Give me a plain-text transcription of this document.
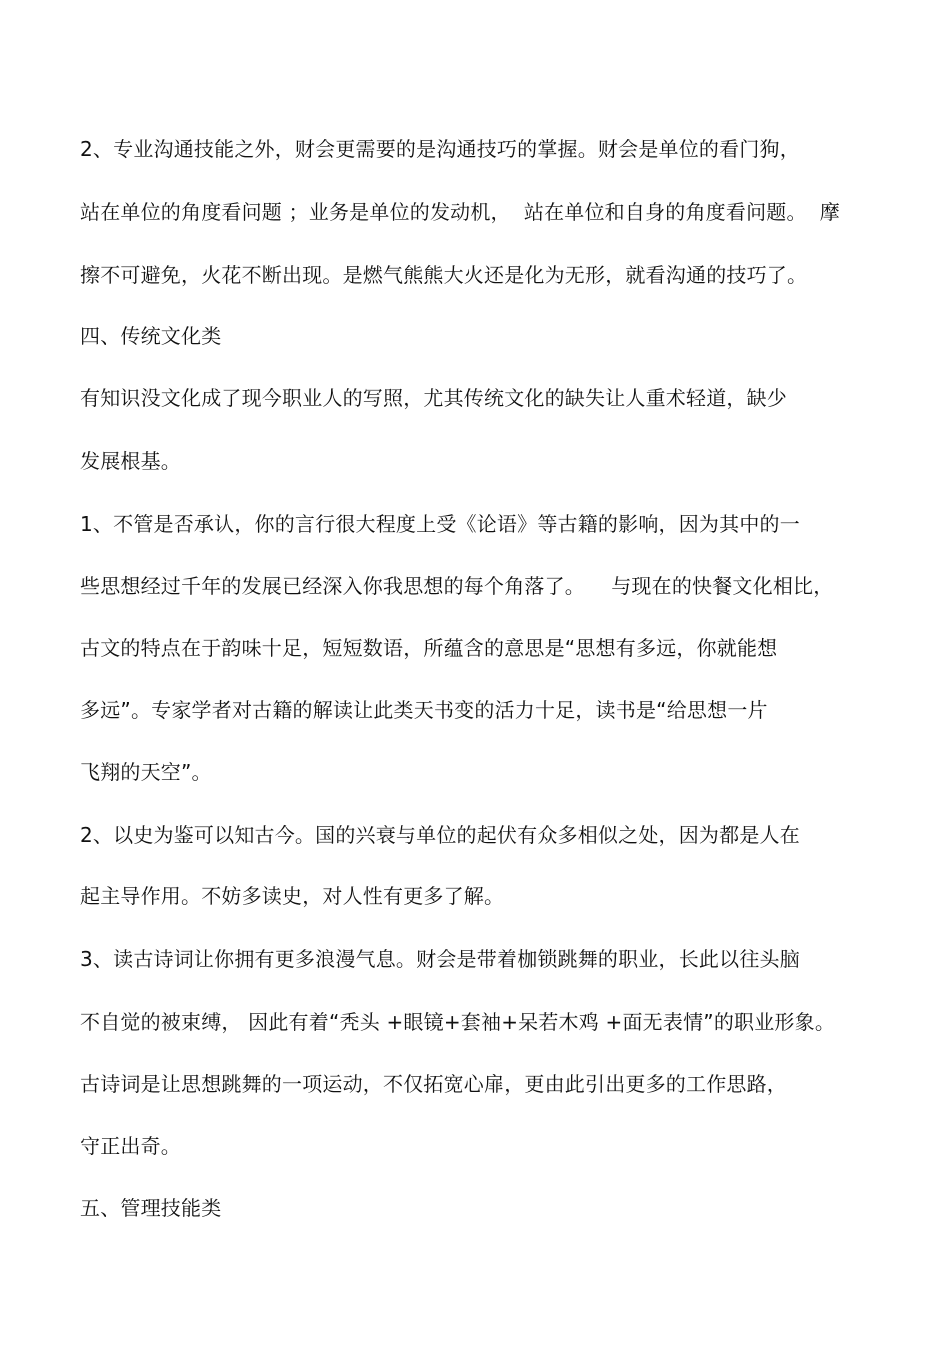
2、专业沟通技能之外，财会更需要的是沟通技巧的掌握。财会是单位的看门狗，
站在单位的角度看问题 ；业务是单位的发动机，  站在单位和自身的角度看问题。  摩
擦不可避免，火花不断出现。是燃气熊熊大火还是化为无形，就看沟通的技巧了。
四、传统文化类
有知识没文化成了现今职业人的写照，尤其传统文化的缺失让人重术轻道，缺少
发展根基。
1、不管是否承认，你的言行很大程度上受《论语》等古籍的影响，因为其中的一
些思想经过千年的发展已经深入你我思想的每个角落了。    与现在的快餐文化相比，
古文的特点在于韵味十足，短短数语，所蕴含的意思是“思想有多远，你就能想
多远”。专家学者对古籍的解读让此类天书变的活力十足，读书是“给思想一片
飞翔的天空”。
2、以史为鉴可以知古今。国的兴衰与单位的起伏有众多相似之处，因为都是人在
起主导作用。不妨多读史，对人性有更多了解。
3、读古诗词让你拥有更多浪漫气息。财会是带着枷锁跳舞的职业，长此以往头脑
不自觉的被束缚， 因此有着“秃头 +眼镜+套袖+呆若木鸡 +面无表情”的职业形象。
古诗词是让思想跳舞的一项运动，不仅拓宽心扉，更由此引出更多的工作思路，
守正出奇。
五、管理技能类
